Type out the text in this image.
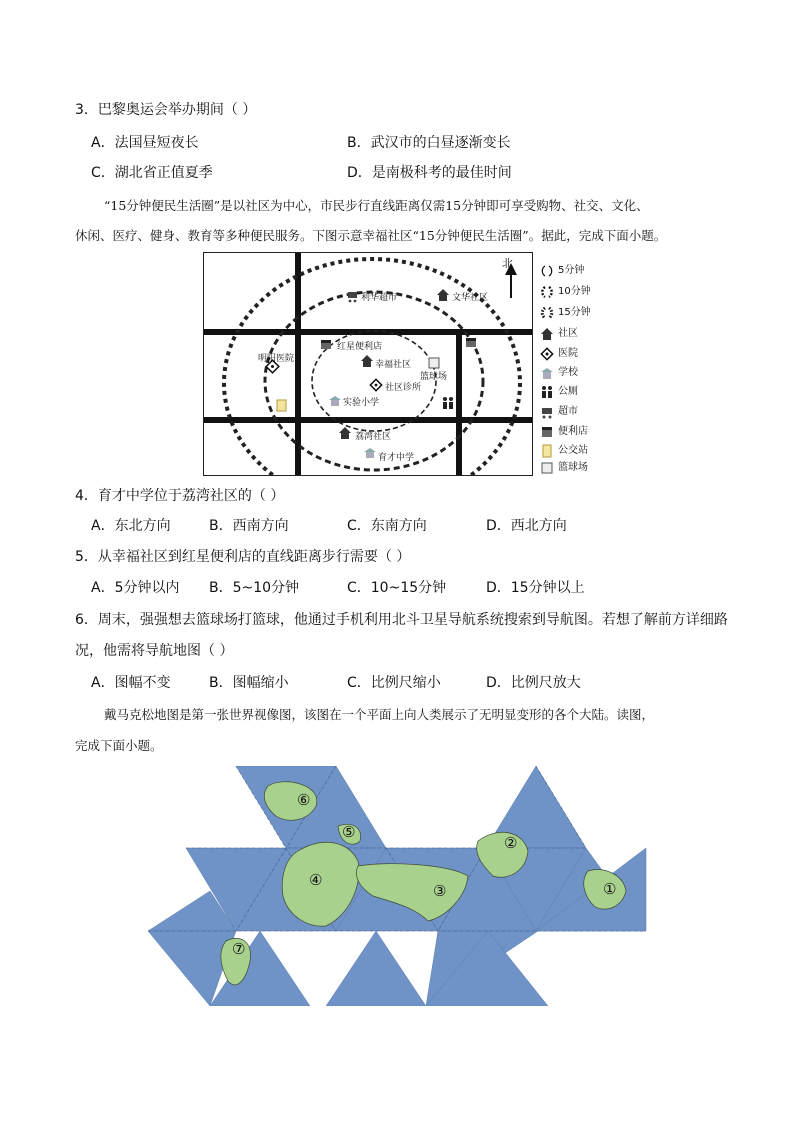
3．巴黎奥运会举办期间（ ）
A．法国昼短夜长	B．武汉市的白昼逐渐变长
C．湖北省正值夏季	D．是南极科考的最佳时间
“15分钟便民生活圈”是以社区为中心，市民步行直线距离仅需15分钟即可享受购物、社交、文化、
休闲、医疗、健身、教育等多种便民服务。下图示意幸福社区“15分钟便民生活圈”。据此，完成下面小题。
北
利华超市	文华社区
红星便利店
明阳医院
幸福社区
篮球场
社区诊所
实验小学
荔湾社区
育才中学
5分钟
10分钟
15分钟
社区
医院
学校
公厕
超市
便利店
公交站
篮球场
4．育才中学位于荔湾社区的（ ）
A．东北方向	B．西南方向	C．东南方向	D．西北方向
5．从幸福社区到红星便利店的直线距离步行需要（ ）
A．5分钟以内 B．5~10分钟	C．10~15分钟	D．15分钟以上
6．周末，强强想去篮球场打篮球，他通过手机利用北斗卫星导航系统搜索到导航图。若想了解前方详细路
况，他需将导航地图（ ）
A．图幅不变	B．图幅缩小	C．比例尺缩小	D．比例尺放大
戴马克松地图是第一张世界视像图，该图在一个平面上向人类展示了无明显变形的各个大陆。读图，
完成下面小题。
⑥
⑤
④
③
②
①
⑦
